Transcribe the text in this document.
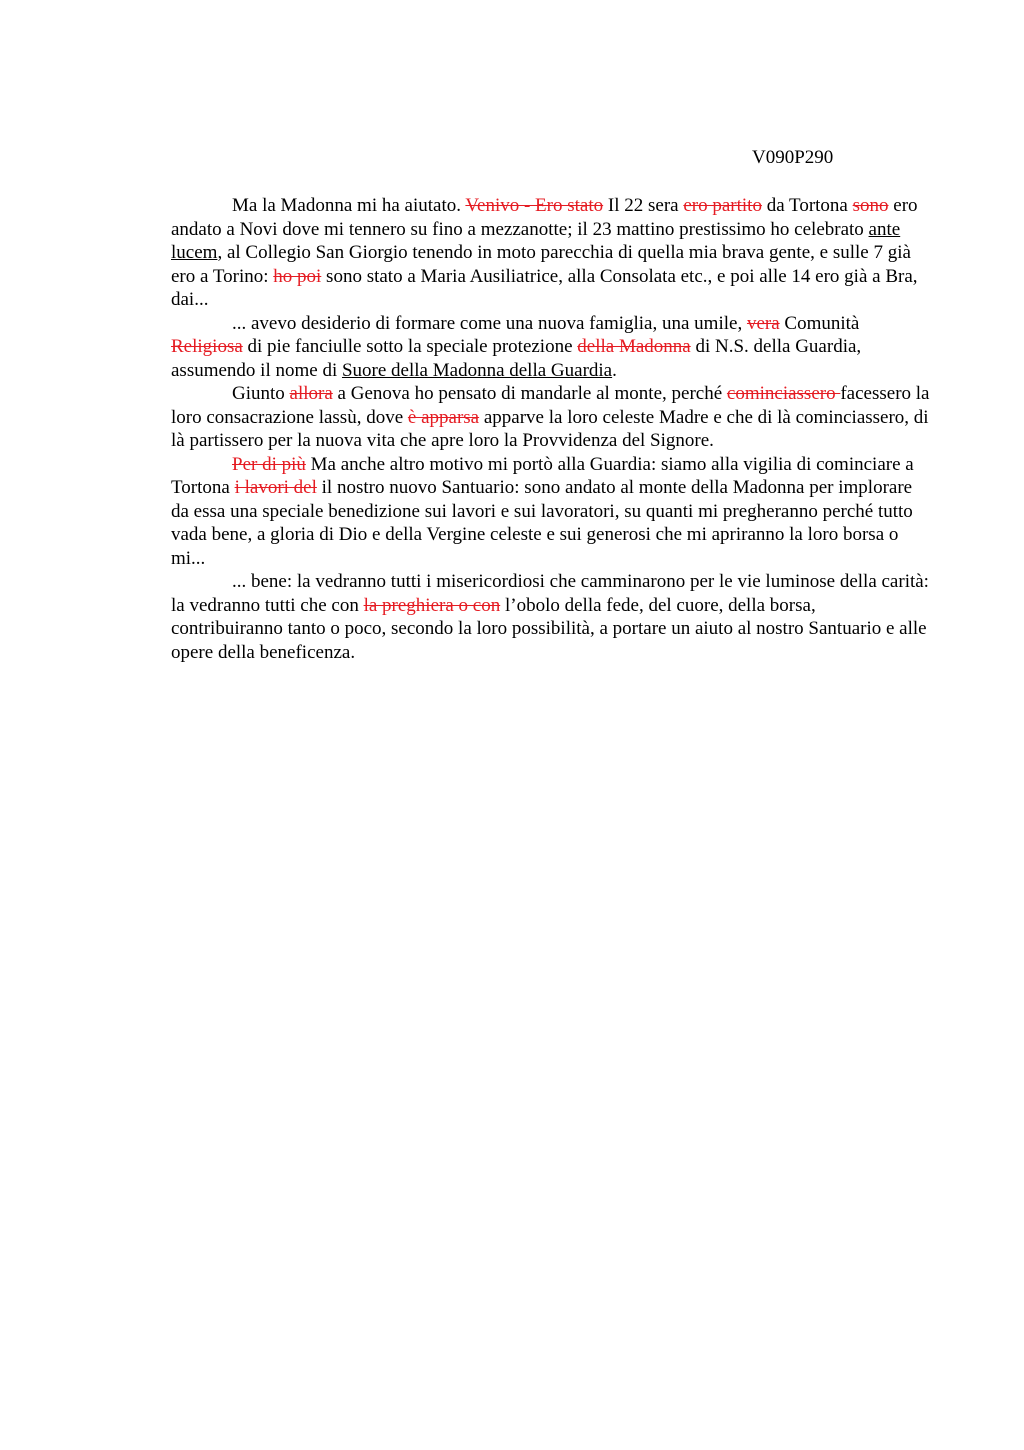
V090P290

Ma la Madonna mi ha aiutato. Venivo - Ero stato Il 22 sera ero partito da Tortona sono ero andato a Novi dove mi tennero su fino a mezzanotte; il 23 mattino prestissimo ho celebrato ante lucem, al Collegio San Giorgio tenendo in moto parecchia di quella mia brava gente, e sulle 7 già ero a Torino: ho poi sono stato a Maria Ausiliatrice, alla Consolata etc., e poi alle 14 ero già a Bra, dai...

... avevo desiderio di formare come una nuova famiglia, una umile, vera Comunità Religiosa di pie fanciulle sotto la speciale protezione della Madonna di N.S. della Guardia, assumendo il nome di Suore della Madonna della Guardia.

Giunto allora a Genova ho pensato di mandarle al monte, perché cominciassero facessero la loro consacrazione lassù, dove è apparsa apparve la loro celeste Madre e che di là cominciassero, di là partissero per la nuova vita che apre loro la Provvidenza del Signore.

Per di più Ma anche altro motivo mi portò alla Guardia: siamo alla vigilia di cominciare a Tortona i lavori del il nostro nuovo Santuario: sono andato al monte della Madonna per implorare da essa una speciale benedizione sui lavori e sui lavoratori, su quanti mi pregheranno perché tutto vada bene, a gloria di Dio e della Vergine celeste e sui generosi che mi apriranno la loro borsa o mi...

... bene: la vedranno tutti i misericordiosi che camminarono per le vie luminose della carità: la vedranno tutti che con la preghiera o con l’obolo della fede, del cuore, della borsa, contribuiranno tanto o poco, secondo la loro possibilità, a portare un aiuto al nostro Santuario e alle opere della beneficenza.
